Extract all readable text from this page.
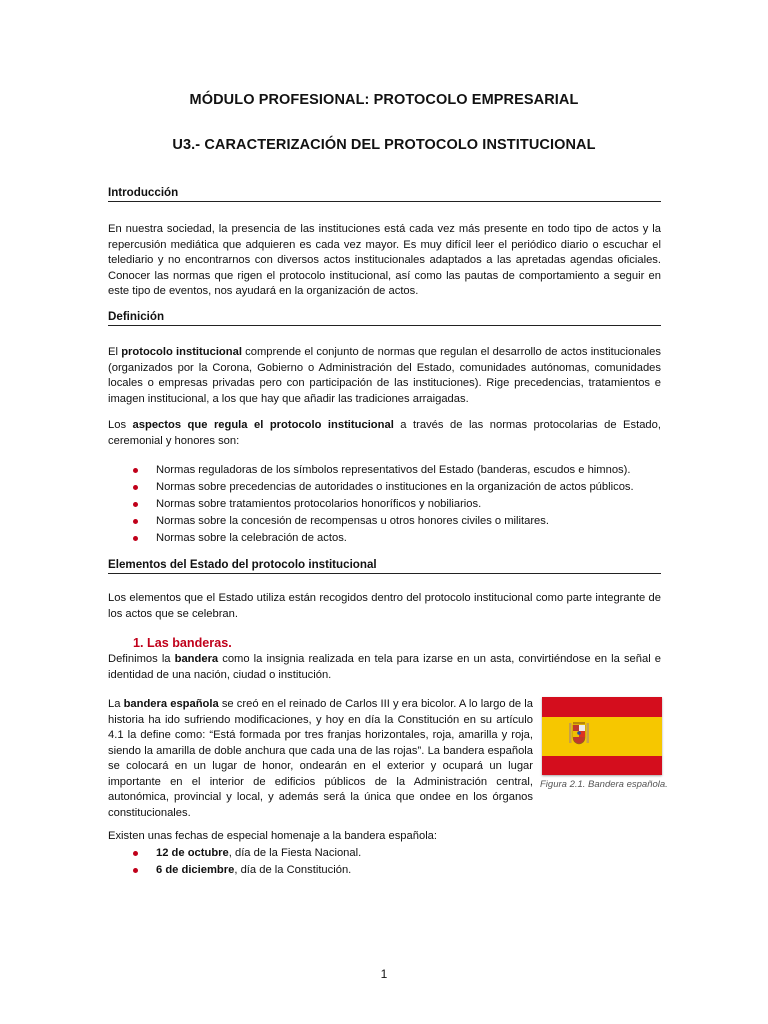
MÓDULO PROFESIONAL: PROTOCOLO EMPRESARIAL
U3.- CARACTERIZACIÓN DEL PROTOCOLO INSTITUCIONAL
Introducción

En nuestra sociedad, la presencia de las instituciones está cada vez más presente en todo tipo de actos y la repercusión mediática que adquieren es cada vez mayor. Es muy difícil leer el periódico diario o escuchar el telediario y no encontrarnos con diversos actos institucionales adaptados a las apretadas agendas oficiales. Conocer las normas que rigen el protocolo institucional, así como las pautas de comportamiento a seguir en este tipo de eventos, nos ayudará en la organización de actos.

Definición

El protocolo institucional comprende el conjunto de normas que regulan el desarrollo de actos institucionales (organizados por la Corona, Gobierno o Administración del Estado, comunidades autónomas, comunidades locales o empresas privadas pero con participación de las instituciones). Rige precedencias, tratamientos e imagen institucional, a los que hay que añadir las tradiciones arraigadas.

Los aspectos que regula el protocolo institucional a través de las normas protocolarias de Estado, ceremonial y honores son:

Normas reguladoras de los símbolos representativos del Estado (banderas, escudos e himnos).
Normas sobre precedencias de autoridades o instituciones en la organización de actos públicos.
Normas sobre tratamientos protocolarios honoríficos y nobiliarios.
Normas sobre la concesión de recompensas u otros honores civiles o militares.
Normas sobre la celebración de actos.
Elementos del Estado del protocolo institucional

Los elementos que el Estado utiliza están recogidos dentro del protocolo institucional como parte integrante de los actos que se celebran.

1. Las banderas.

Definimos la bandera como la insignia realizada en tela para izarse en un asta, convirtiéndose en la señal e identidad de una nación, ciudad o institución.

La bandera española se creó en el reinado de Carlos III y era bicolor. A lo largo de la historia ha ido sufriendo modificaciones, y hoy en día la Constitución en su artículo 4.1 la define como: “Está formada por tres franjas horizontales, roja, amarilla y roja, siendo la amarilla de doble anchura que cada una de las rojas”. La bandera española se colocará en un lugar de honor, ondearán en el exterior y ocupará un lugar importante en el interior de edificios públicos de la Administración central, autonómica, provincial y local, y además será la única que ondee en los órganos constitucionales.

Figura 2.1. Bandera española.

Existen unas fechas de especial homenaje a la bandera española:

12 de octubre, día de la Fiesta Nacional.
6 de diciembre, día de la Constitución.
1
